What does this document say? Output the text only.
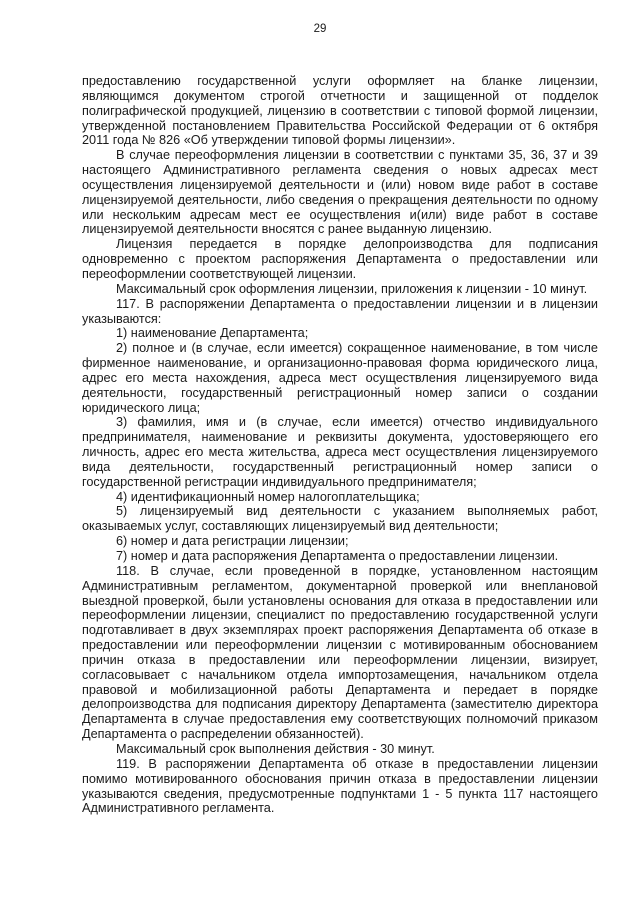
29

предоставлению государственной услуги оформляет на бланке лицензии, являющимся документом строгой отчетности и защищенной от подделок полиграфической продукцией, лицензию в соответствии с типовой формой лицензии, утвержденной постановлением Правительства Российской Федерации от 6 октября 2011 года № 826 «Об утверждении типовой формы лицензии».

В случае переоформления лицензии в соответствии с пунктами 35, 36, 37 и 39 настоящего Административного регламента сведения о новых адресах мест осуществления лицензируемой деятельности и (или) новом виде работ в составе лицензируемой деятельности, либо сведения о прекращения деятельности по одному или нескольким адресам мест ее осуществления и(или) виде работ в составе лицензируемой деятельности вносятся с ранее выданную лицензию.

Лицензия передается в порядке делопроизводства для подписания одновременно с проектом распоряжения Департамента о предоставлении или переоформлении соответствующей лицензии.

Максимальный срок оформления лицензии, приложения к лицензии - 10 минут.

117. В распоряжении Департамента о предоставлении лицензии и в лицензии указываются:

1) наименование Департамента;

2) полное и (в случае, если имеется) сокращенное наименование, в том числе фирменное наименование, и организационно-правовая форма юридического лица, адрес его места нахождения, адреса мест осуществления лицензируемого вида деятельности, государственный регистрационный номер записи о создании юридического лица;

3) фамилия, имя и (в случае, если имеется) отчество индивидуального предпринимателя, наименование и реквизиты документа, удостоверяющего его личность, адрес его места жительства, адреса мест осуществления лицензируемого вида деятельности, государственный регистрационный номер записи о государственной регистрации индивидуального предпринимателя;

4) идентификационный номер налогоплательщика;

5) лицензируемый вид деятельности с указанием выполняемых работ, оказываемых услуг, составляющих лицензируемый вид деятельности;

6) номер и дата регистрации лицензии;

7) номер и дата распоряжения Департамента о предоставлении лицензии.

118. В случае, если проведенной в порядке, установленном настоящим Административным регламентом, документарной проверкой или внеплановой выездной проверкой, были установлены основания для отказа в предоставлении или переоформлении лицензии, специалист по предоставлению государственной услуги подготавливает в двух экземплярах проект распоряжения Департамента об отказе в предоставлении или переоформлении лицензии с мотивированным обоснованием причин отказа в предоставлении или переоформлении лицензии, визирует, согласовывает с начальником отдела импортозамещения, начальником отдела правовой и мобилизационной работы Департамента и передает в порядке делопроизводства для подписания директору Департамента (заместителю директора Департамента в случае предоставления ему соответствующих полномочий приказом Департамента о распределении обязанностей).

Максимальный срок выполнения действия - 30 минут.

119. В распоряжении Департамента об отказе в предоставлении лицензии помимо мотивированного обоснования причин отказа в предоставлении лицензии указываются сведения, предусмотренные подпунктами 1 - 5 пункта 117 настоящего Административного регламента.
